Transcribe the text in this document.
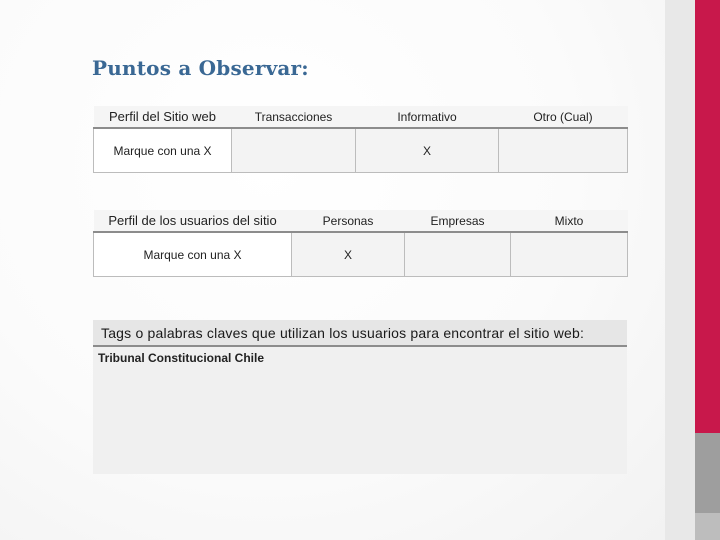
Puntos a Observar:
Perfil del Sitio web	Transacciones	Informativo	Otro (Cual)
Marque con una X		X	
Perfil de los usuarios del sitio	Personas	Empresas	Mixto
Marque con una X	X		
Tags o palabras claves que utilizan los usuarios para encontrar el sitio web:
Tribunal Constitucional Chile
